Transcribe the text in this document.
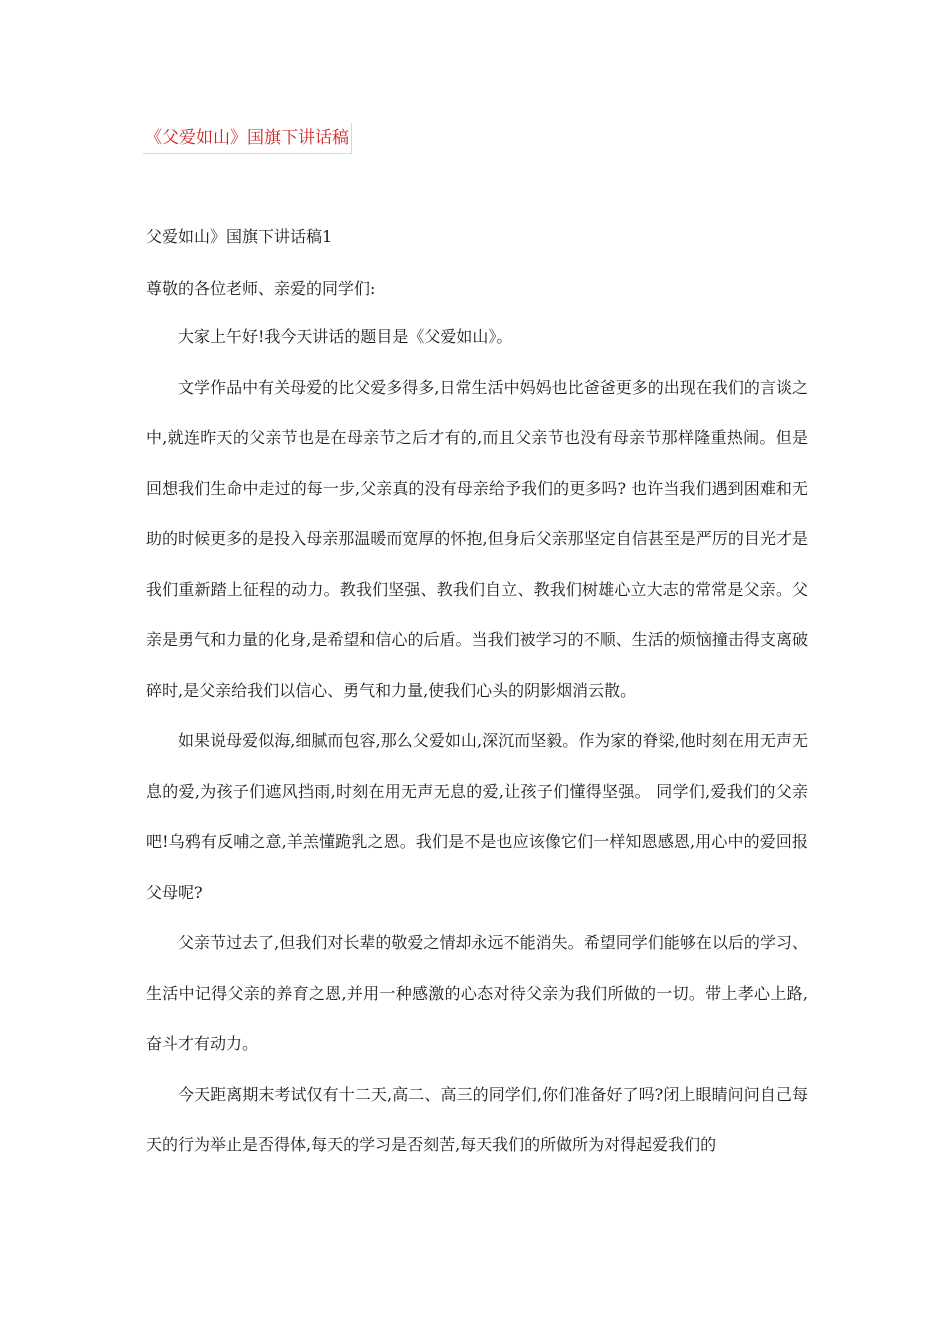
《父爱如山》国旗下讲话稿
父爱如山》国旗下讲话稿1
尊敬的各位老师、亲爱的同学们:

大家上午好!我今天讲话的题目是《父爱如山》。

文学作品中有关母爱的比父爱多得多,日常生活中妈妈也比爸爸更多的出现在我们的言谈之中,就连昨天的父亲节也是在母亲节之后才有的,而且父亲节也没有母亲节那样隆重热闹。但是回想我们生命中走过的每一步,父亲真的没有母亲给予我们的更多吗? 也许当我们遇到困难和无助的时候更多的是投入母亲那温暖而宽厚的怀抱,但身后父亲那坚定自信甚至是严厉的目光才是我们重新踏上征程的动力。教我们坚强、教我们自立、教我们树雄心立大志的常常是父亲。父亲是勇气和力量的化身,是希望和信心的后盾。当我们被学习的不顺、生活的烦恼撞击得支离破碎时,是父亲给我们以信心、勇气和力量,使我们心头的阴影烟消云散。

如果说母爱似海,细腻而包容,那么父爱如山,深沉而坚毅。作为家的脊梁,他时刻在用无声无息的爱,为孩子们遮风挡雨,时刻在用无声无息的爱,让孩子们懂得坚强。 同学们,爱我们的父亲吧!乌鸦有反哺之意,羊羔懂跪乳之恩。我们是不是也应该像它们一样知恩感恩,用心中的爱回报父母呢?

父亲节过去了,但我们对长辈的敬爱之情却永远不能消失。希望同学们能够在以后的学习、生活中记得父亲的养育之恩,并用一种感激的心态对待父亲为我们所做的一切。带上孝心上路,奋斗才有动力。

今天距离期末考试仅有十二天,高二、高三的同学们,你们准备好了吗?闭上眼睛问问自己每天的行为举止是否得体,每天的学习是否刻苦,每天我们的所做所为对得起爱我们的
